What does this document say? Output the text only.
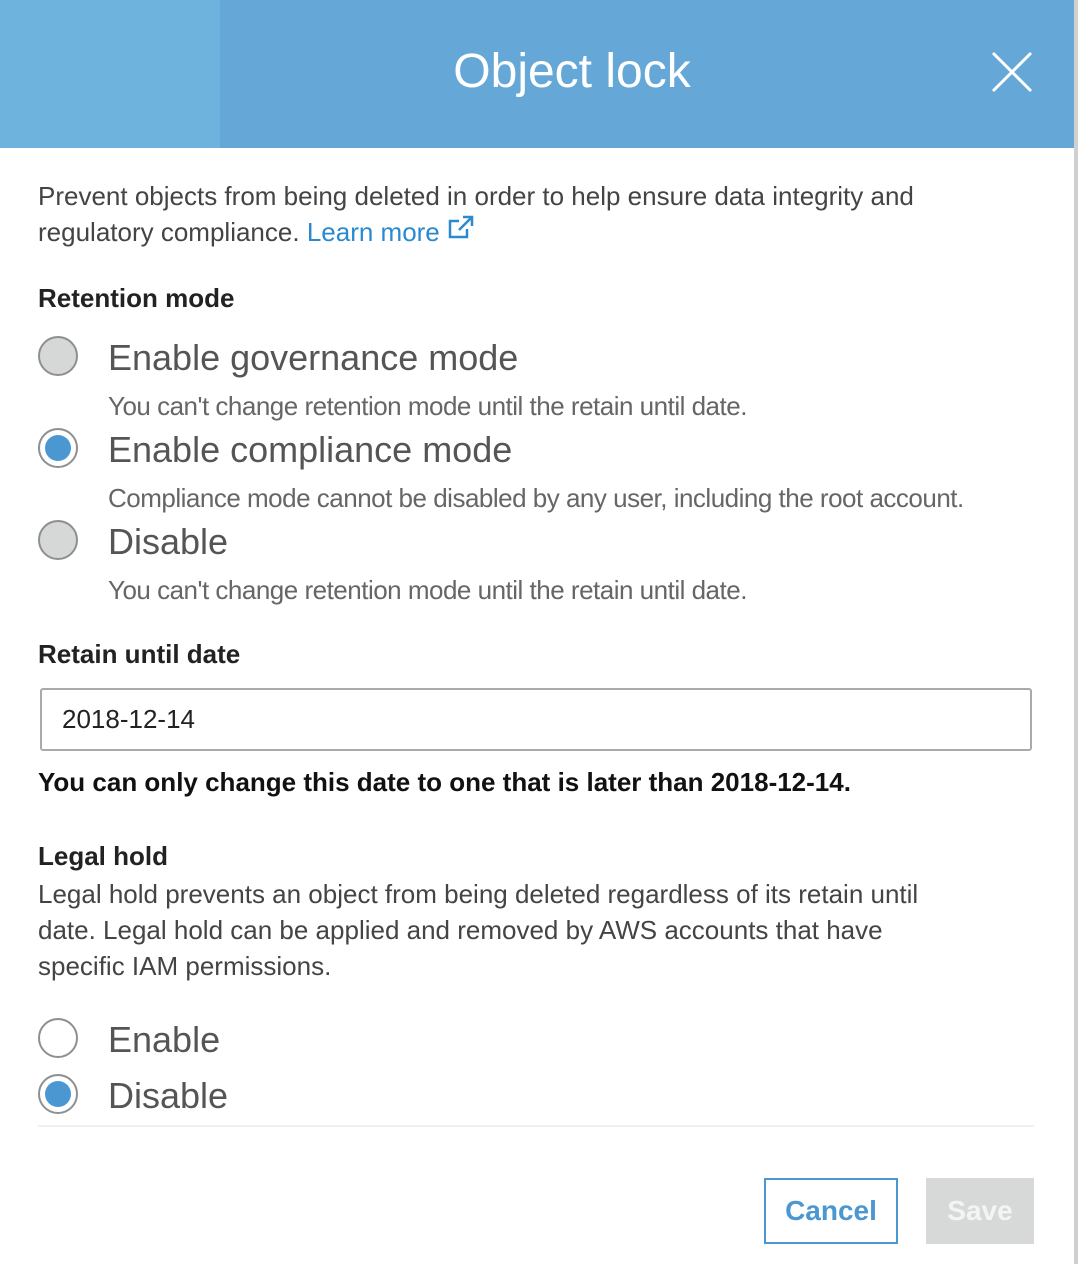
Object lock
Prevent objects from being deleted in order to help ensure data integrity and
regulatory compliance. Learn more
Retention mode
Enable governance mode
You can't change retention mode until the retain until date.
Enable compliance mode
Compliance mode cannot be disabled by any user, including the root account.
Disable
You can't change retention mode until the retain until date.
Retain until date
2018-12-14
You can only change this date to one that is later than 2018-12-14.
Legal hold
Legal hold prevents an object from being deleted regardless of its retain until
date. Legal hold can be applied and removed by AWS accounts that have
specific IAM permissions.
Enable
Disable
Cancel	Save
